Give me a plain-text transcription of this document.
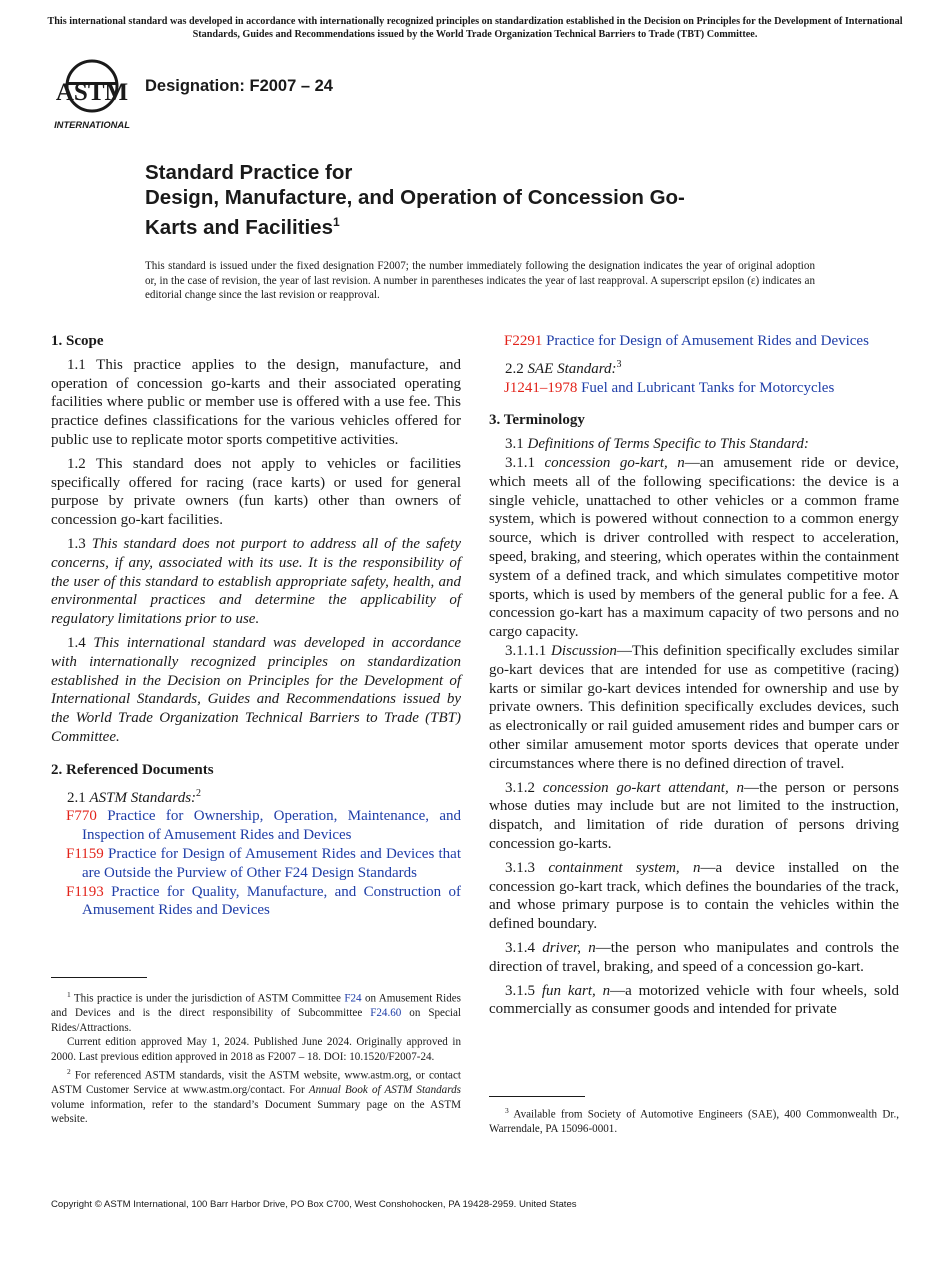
This international standard was developed in accordance with internationally recognized principles on standardization established in the Decision on Principles for the Development of International Standards, Guides and Recommendations issued by the World Trade Organization Technical Barriers to Trade (TBT) Committee.
ASTM
INTERNATIONAL
Designation: F2007 – 24
Standard Practice for
Design, Manufacture, and Operation of Concession Go-
Karts and Facilities$^1$
This standard is issued under the fixed designation F2007; the number immediately following the designation indicates the year of original adoption or, in the case of revision, the year of last revision. A number in parentheses indicates the year of last reapproval. A superscript epsilon (ε) indicates an editorial change since the last revision or reapproval.
1. Scope

1.1 This practice applies to the design, manufacture, and operation of concession go-karts and their associated operating facilities where public or member use is offered with a use fee. This practice defines classifications for the various vehicles offered for public use to replicate motor sports competitive activities.

1.2 This standard does not apply to vehicles or facilities specifically offered for racing (race karts) or used for general purpose by private owners (fun karts) other than owners of concession go-kart facilities.

1.3 This standard does not purport to address all of the safety concerns, if any, associated with its use. It is the responsibility of the user of this standard to establish appropriate safety, health, and environmental practices and determine the applicability of regulatory limitations prior to use.

1.4 This international standard was developed in accordance with internationally recognized principles on standardization established in the Decision on Principles for the Development of International Standards, Guides and Recommendations issued by the World Trade Organization Technical Barriers to Trade (TBT) Committee.

2. Referenced Documents

2.1 ASTM Standards:$^2$

F770 Practice for Ownership, Operation, Maintenance, and Inspection of Amusement Rides and Devices
F1159 Practice for Design of Amusement Rides and Devices that are Outside the Purview of Other F24 Design Standards
F1193 Practice for Quality, Manufacture, and Construction of Amusement Rides and Devices

$^1$ This practice is under the jurisdiction of ASTM Committee F24 on Amusement Rides and Devices and is the direct responsibility of Subcommittee F24.60 on Special Rides/Attractions.

Current edition approved May 1, 2024. Published June 2024. Originally approved in 2000. Last previous edition approved in 2018 as F2007 – 18. DOI: 10.1520/F2007-24.

$^2$ For referenced ASTM standards, visit the ASTM website, www.astm.org, or contact ASTM Customer Service at www.astm.org/contact. For Annual Book of ASTM Standards volume information, refer to the standard’s Document Summary page on the ASTM website.

F2291 Practice for Design of Amusement Rides and Devices

2.2 SAE Standard:$^3$

J1241–1978 Fuel and Lubricant Tanks for Motorcycles
3. Terminology

3.1 Definitions of Terms Specific to This Standard:

3.1.1 concession go-kart, n—an amusement ride or device, which meets all of the following specifications: the device is a single vehicle, unattached to other vehicles or a common frame system, which is powered without connection to a common energy source, which is driver controlled with respect to acceleration, speed, braking, and steering, which operates within the containment system of a defined track, and which simulates competitive motor sports, which is used by members of the general public for a fee. A concession go-kart has a maximum capacity of two persons and no cargo capacity.

3.1.1.1 Discussion—This definition specifically excludes similar go-kart devices that are intended for use as competitive (racing) karts or similar go-kart devices intended for ownership and use by private owners. This definition specifically excludes devices, such as electronically or rail guided amusement rides and bumper cars or other similar amusement motor sports devices that operate under circumstances where there is no defined direction of travel.

3.1.2 concession go-kart attendant, n—the person or persons whose duties may include but are not limited to the instruction, dispatch, and limitation of ride duration of persons driving concession go-karts.

3.1.3 containment system, n—a device installed on the concession go-kart track, which defines the boundaries of the track, and whose primary purpose is to contain the vehicles within the defined boundary.

3.1.4 driver, n—the person who manipulates and controls the direction of travel, braking, and speed of a concession go-kart.

3.1.5 fun kart, n—a motorized vehicle with four wheels, sold commercially as consumer goods and intended for private

$^3$ Available from Society of Automotive Engineers (SAE), 400 Commonwealth Dr., Warrendale, PA 15096-0001.

Copyright © ASTM International, 100 Barr Harbor Drive, PO Box C700, West Conshohocken, PA 19428-2959. United States
